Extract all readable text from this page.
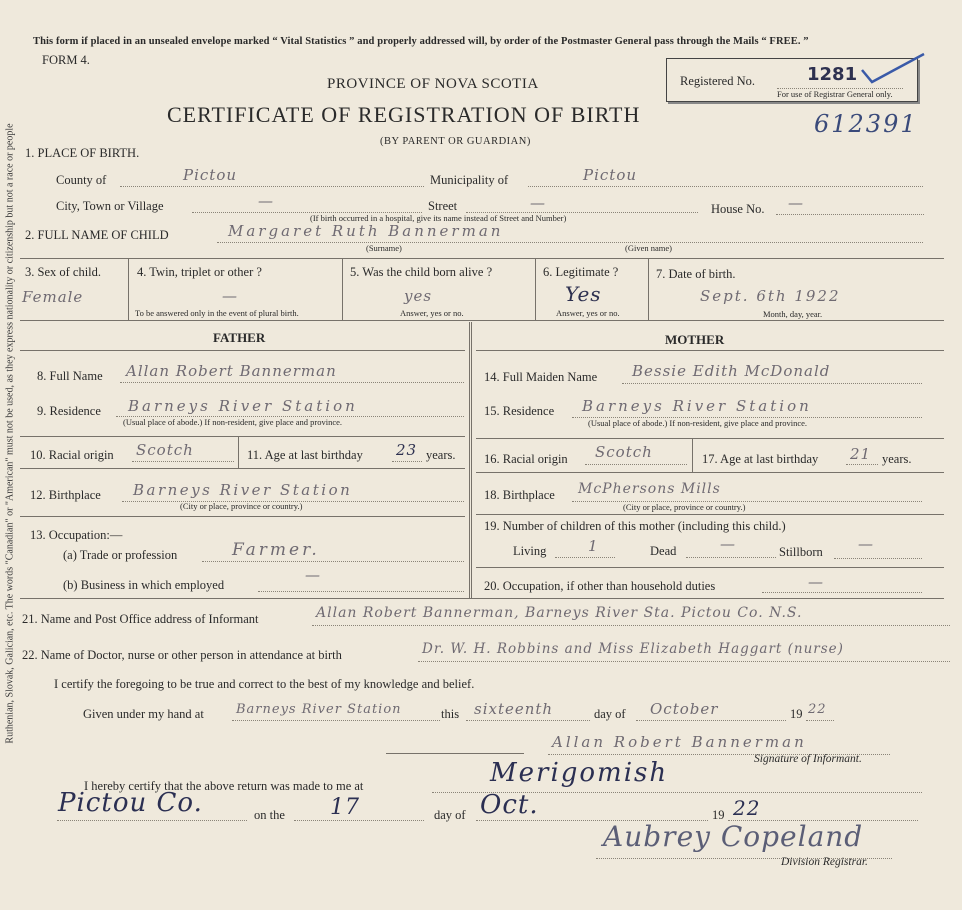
Ruthenian, Slovak, Galician, etc. The words "Canadian" or "American" must not be used, as they express nationality or citizenship but not a race or people
This form if placed in an unsealed envelope marked “ Vital Statistics ” and properly addressed will, by order of the Postmaster General pass through the Mails “ FREE. ”
FORM 4.
PROVINCE OF NOVA SCOTIA
CERTIFICATE OF REGISTRATION OF BIRTH
(BY PARENT OR GUARDIAN)
Registered No.	1281
For use of Registrar General only.
612391
1. PLACE OF BIRTH.
County of	Pictou	Municipality of	Pictou
City, Town or Village	—	Street	—	House No. —
(If birth occurred in a hospital, give its name instead of Street and Number)
2. FULL NAME OF CHILD	Margaret Ruth Bannerman
(Surname)	(Given name)
3. Sex of child.
Female
4. Twin, triplet or other ?
—
To be answered only in the event of plural birth.
5. Was the child born alive ?
yes
Answer, yes or no.
6. Legitimate ?
Yes
Answer, yes or no.
7. Date of birth.
Sept. 6th 1922
Month, day, year.
FATHER	MOTHER
8. Full Name Allan Robert Bannerman
9. Residence Barneys River Station
(Usual place of abode.) If non-resident, give place and province.
10. Racial origin Scotch	11. Age at last birthday 23 years.
12. Birthplace Barneys River Station
(City or place, province or country.)
13. Occupation:—
(a) Trade or profession	Farmer.
(b) Business in which employed
—
14. Full Maiden Name Bessie Edith McDonald
15. Residence Barneys River Station
(Usual place of abode.) If non-resident, give place and province.
16. Racial origin Scotch	17. Age at last birthday 21 years.
18. Birthplace McPhersons Mills
(City or place, province or country.)
19. Number of children of this mother (including this child.)
Living	1	Dead	—	Stillborn —
20. Occupation, if other than household duties	—
21. Name and Post Office address of Informant	Allan Robert Bannerman, Barneys River Sta. Pictou Co. N.S.
22. Name of Doctor, nurse or other person in attendance at birth	Dr. W. H. Robbins and Miss Elizabeth Haggart (nurse)
I certify the foregoing to be true and correct to the best of my knowledge and belief.
Given under my hand at Barneys River Station	this sixteenth	day of October	19 22
Allan Robert Bannerman
Signature of Informant.
I hereby certify that the above return was made to me at	Merigomish
Pictou Co.	on the 17	day of Oct.	19 22
Aubrey Copeland
Division Registrar.
